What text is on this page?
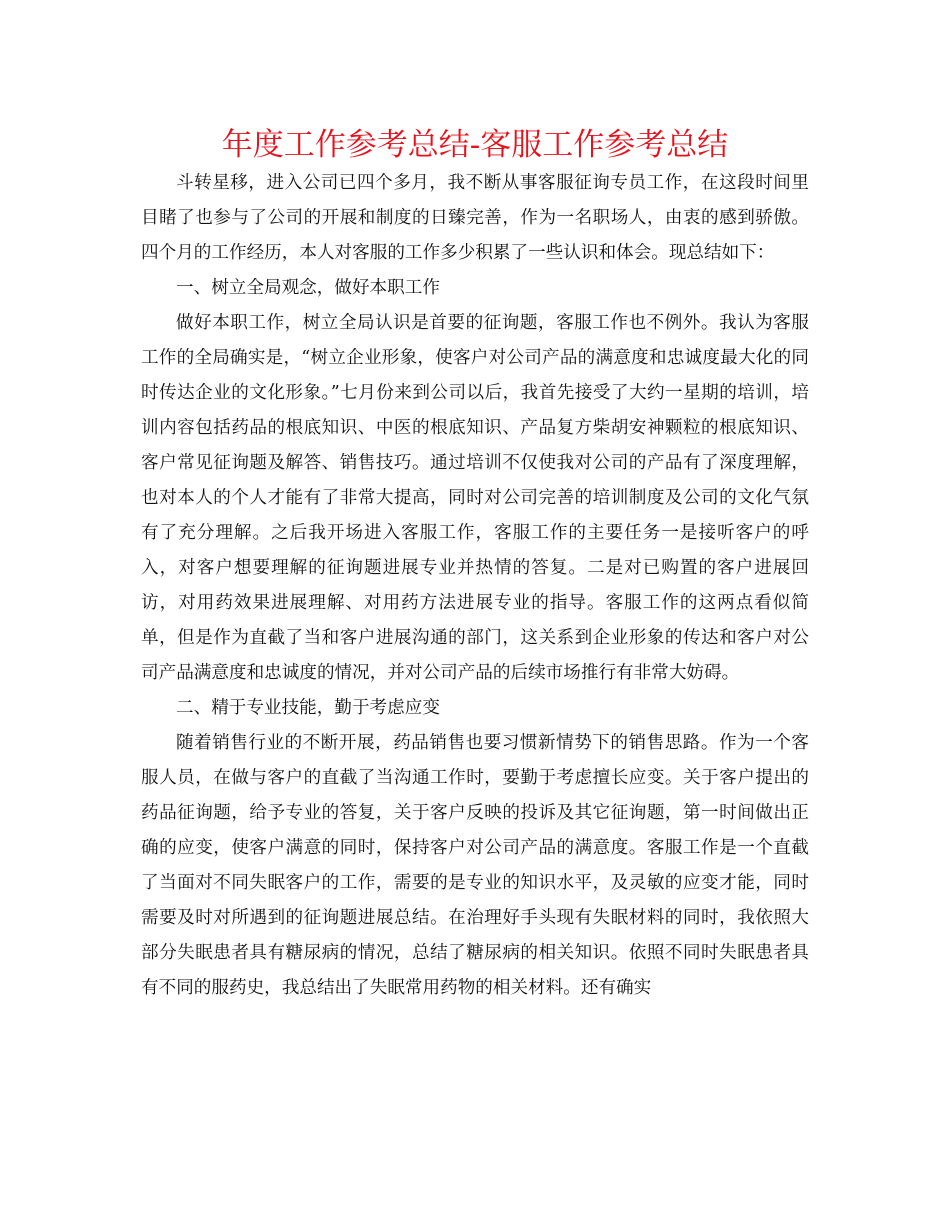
年度工作参考总结-客服工作参考总结

斗转星移，进入公司已四个多月，我不断从事客服征询专员工作，在这段时间里目睹了也参与了公司的开展和制度的日臻完善，作为一名职场人，由衷的感到骄傲。四个月的工作经历，本人对客服的工作多少积累了一些认识和体会。现总结如下：

一、树立全局观念，做好本职工作

做好本职工作，树立全局认识是首要的征询题，客服工作也不例外。我认为客服工作的全局确实是，“树立企业形象，使客户对公司产品的满意度和忠诚度最大化的同时传达企业的文化形象。”七月份来到公司以后，我首先接受了大约一星期的培训，培训内容包括药品的根底知识、中医的根底知识、产品复方柴胡安神颗粒的根底知识、客户常见征询题及解答、销售技巧。通过培训不仅使我对公司的产品有了深度理解，也对本人的个人才能有了非常大提高，同时对公司完善的培训制度及公司的文化气氛有了充分理解。之后我开场进入客服工作，客服工作的主要任务一是接听客户的呼入，对客户想要理解的征询题进展专业并热情的答复。二是对已购置的客户进展回访，对用药效果进展理解、对用药方法进展专业的指导。客服工作的这两点看似简单，但是作为直截了当和客户进展沟通的部门，这关系到企业形象的传达和客户对公司产品满意度和忠诚度的情况，并对公司产品的后续市场推行有非常大妨碍。

二、精于专业技能，勤于考虑应变

随着销售行业的不断开展，药品销售也要习惯新情势下的销售思路。作为一个客服人员，在做与客户的直截了当沟通工作时，要勤于考虑擅长应变。关于客户提出的药品征询题，给予专业的答复，关于客户反映的投诉及其它征询题，第一时间做出正确的应变，使客户满意的同时，保持客户对公司产品的满意度。客服工作是一个直截了当面对不同失眠客户的工作，需要的是专业的知识水平，及灵敏的应变才能，同时需要及时对所遇到的征询题进展总结。在治理好手头现有失眠材料的同时，我依照大部分失眠患者具有糖尿病的情况，总结了糖尿病的相关知识。依照不同时失眠患者具有不同的服药史，我总结出了失眠常用药物的相关材料。还有确实
